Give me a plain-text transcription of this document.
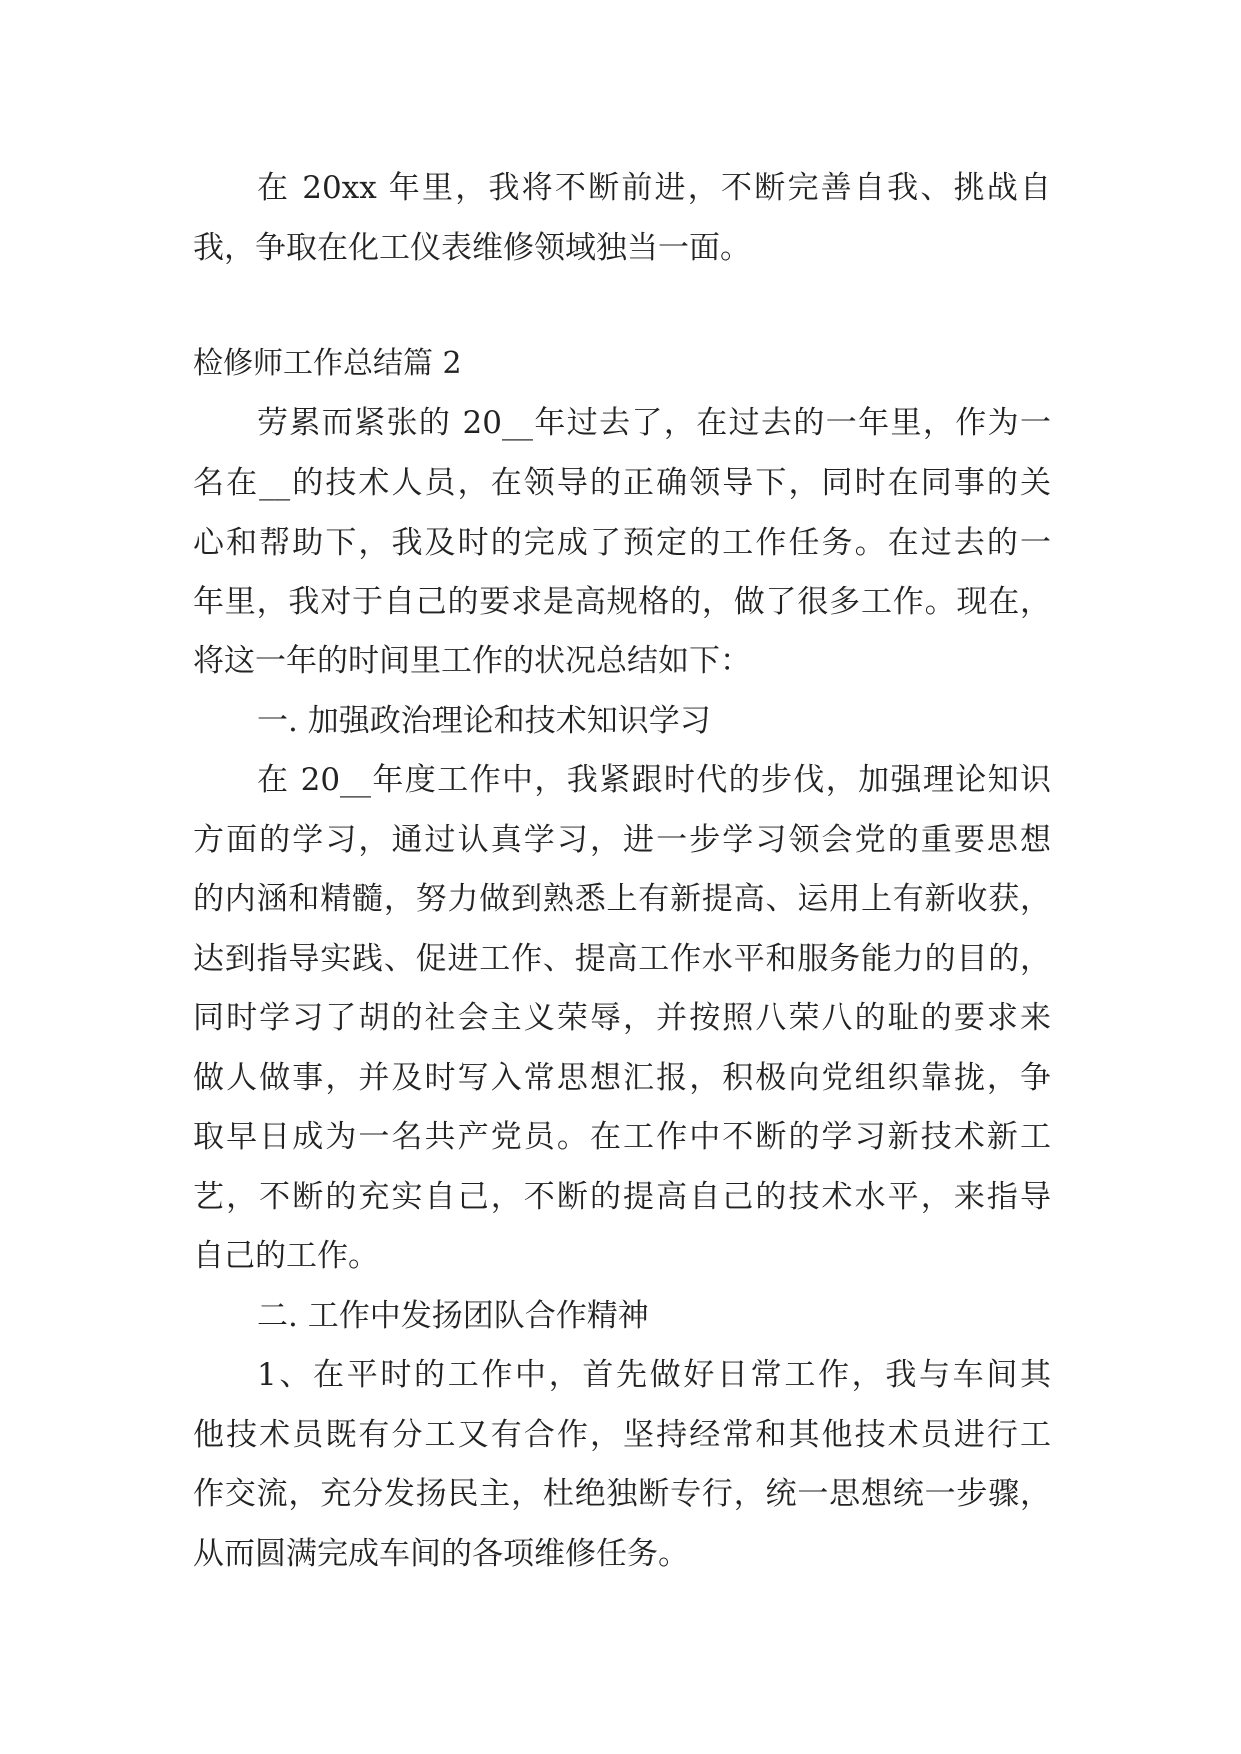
在 20xx 年里，我将不断前进，不断完善自我、挑战自
我，争取在化工仪表维修领域独当一面。
检修师工作总结篇 2
劳累而紧张的 20__年过去了，在过去的一年里，作为一
名在__的技术人员，在领导的正确领导下，同时在同事的关
心和帮助下，我及时的完成了预定的工作任务。在过去的一
年里，我对于自己的要求是高规格的，做了很多工作。现在，
将这一年的时间里工作的状况总结如下：
一. 加强政治理论和技术知识学习
在 20__年度工作中，我紧跟时代的步伐，加强理论知识
方面的学习，通过认真学习，进一步学习领会党的重要思想
的内涵和精髓，努力做到熟悉上有新提高、运用上有新收获，
达到指导实践、促进工作、提高工作水平和服务能力的目的，
同时学习了胡的社会主义荣辱，并按照八荣八的耻的要求来
做人做事，并及时写入常思想汇报，积极向党组织靠拢，争
取早日成为一名共产党员。在工作中不断的学习新技术新工
艺，不断的充实自己，不断的提高自己的技术水平，来指导
自己的工作。
二. 工作中发扬团队合作精神
1、在平时的工作中，首先做好日常工作，我与车间其
他技术员既有分工又有合作，坚持经常和其他技术员进行工
作交流，充分发扬民主，杜绝独断专行，统一思想统一步骤，
从而圆满完成车间的各项维修任务。
